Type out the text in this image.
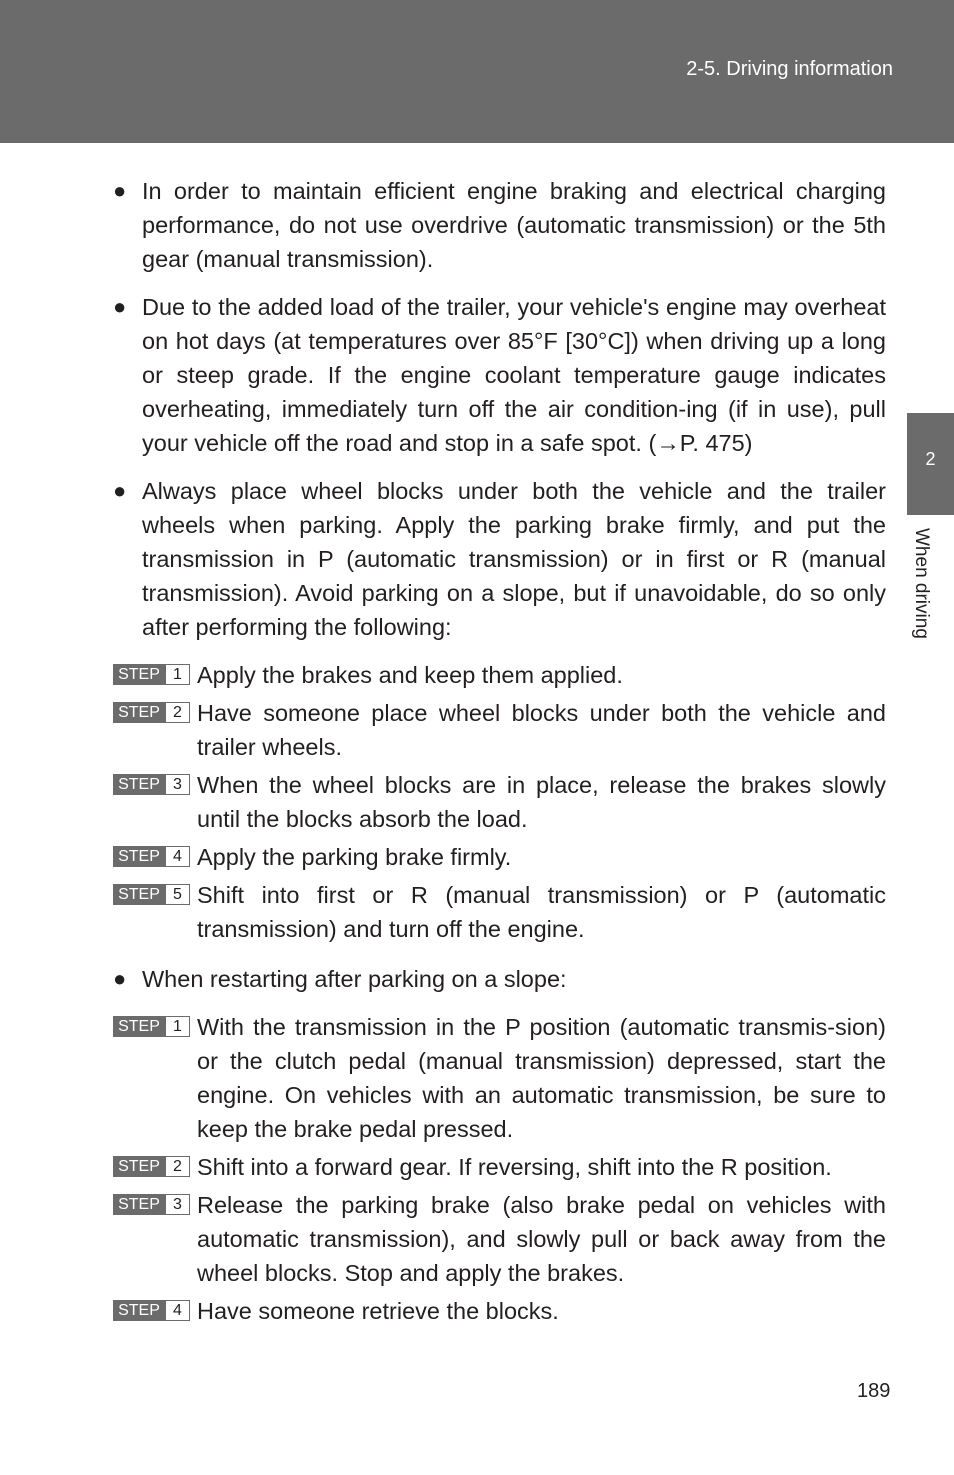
2-5. Driving information
2
When driving
● In order to maintain efficient engine braking and electrical charging performance, do not use overdrive (automatic transmission) or the 5th gear (manual transmission).
● Due to the added load of the trailer, your vehicle's engine may overheat on hot days (at temperatures over 85°F [30°C]) when driving up a long or steep grade. If the engine coolant temperature gauge indicates overheating, immediately turn off the air condition-ing (if in use), pull your vehicle off the road and stop in a safe spot. (→P. 475)
● Always place wheel blocks under both the vehicle and the trailer wheels when parking. Apply the parking brake firmly, and put the transmission in P (automatic transmission) or in first or R (manual transmission). Avoid parking on a slope, but if unavoidable, do so only after performing the following:
STEP 1 Apply the brakes and keep them applied.
STEP 2 Have someone place wheel blocks under both the vehicle and trailer wheels.
STEP 3 When the wheel blocks are in place, release the brakes slowly until the blocks absorb the load.
STEP 4 Apply the parking brake firmly.
STEP 5 Shift into first or R (manual transmission) or P (automatic transmission) and turn off the engine.
● When restarting after parking on a slope:
STEP 1 With the transmission in the P position (automatic transmis-sion) or the clutch pedal (manual transmission) depressed, start the engine. On vehicles with an automatic transmission, be sure to keep the brake pedal pressed.
STEP 2 Shift into a forward gear. If reversing, shift into the R position.
STEP 3 Release the parking brake (also brake pedal on vehicles with automatic transmission), and slowly pull or back away from the wheel blocks. Stop and apply the brakes.
STEP 4 Have someone retrieve the blocks.
189
